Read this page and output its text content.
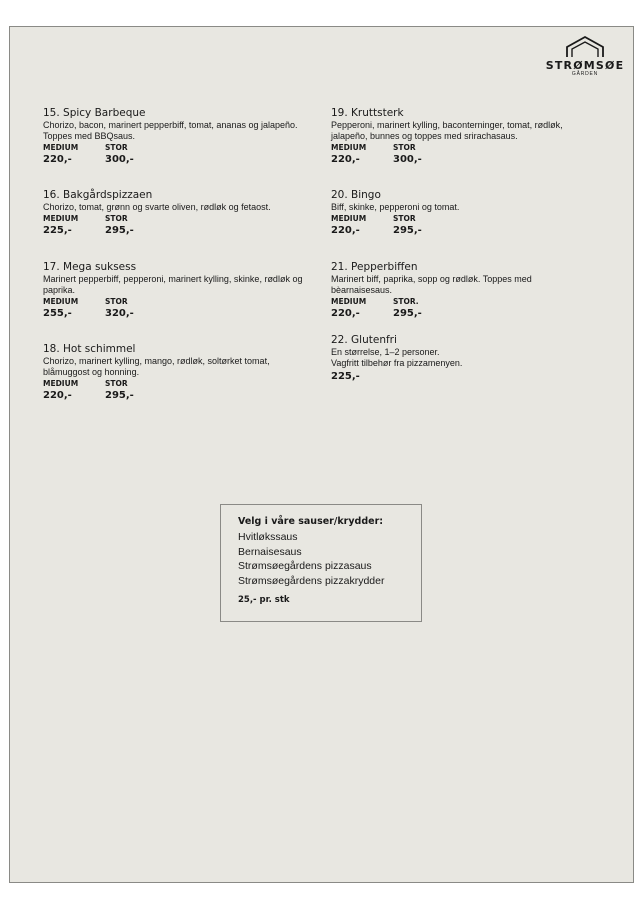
STRØMSØE
GÅRDEN
15. Spicy Barbeque
Chorizo, bacon, marinert pepperbiff, tomat, ananas og jalapeño. Toppes med BBQsaus.
MEDIUM
220,-
STOR
300,-
16. Bakgårdspizzaen
Chorizo, tomat, grønn og svarte oliven, rødløk og fetaost.
MEDIUM
225,-
STOR
295,-
17. Mega suksess
Marinert pepperbiff, pepperoni, marinert kylling, skinke, rødløk og paprika.
MEDIUM
255,-
STOR
320,-
18. Hot schimmel
Chorizo, marinert kylling, mango, rødløk, soltørket tomat, blåmuggost og honning.
MEDIUM
220,-
STOR
295,-
19. Kruttsterk
Pepperoni, marinert kylling, baconterninger, tomat, rødløk, jalapeño, bunnes og toppes med srirachasaus.
MEDIUM
220,-
STOR
300,-
20. Bingo
Biff, skinke, pepperoni og tomat.
MEDIUM
220,-
STOR
295,-
21. Pepperbiffen
Marinert biff, paprika, sopp og rødløk. Toppes med bèarnaisesaus.
MEDIUM
220,-
STOR.
295,-
22. Glutenfri
En størrelse, 1–2 personer.
Vagfritt tilbehør fra pizzamenyen.
225,-
Velg i våre sauser/krydder:
Hvitløkssaus
Bernaisesaus
Strømsøegårdens pizzasaus
Strømsøegårdens pizzakrydder
25,- pr. stk
